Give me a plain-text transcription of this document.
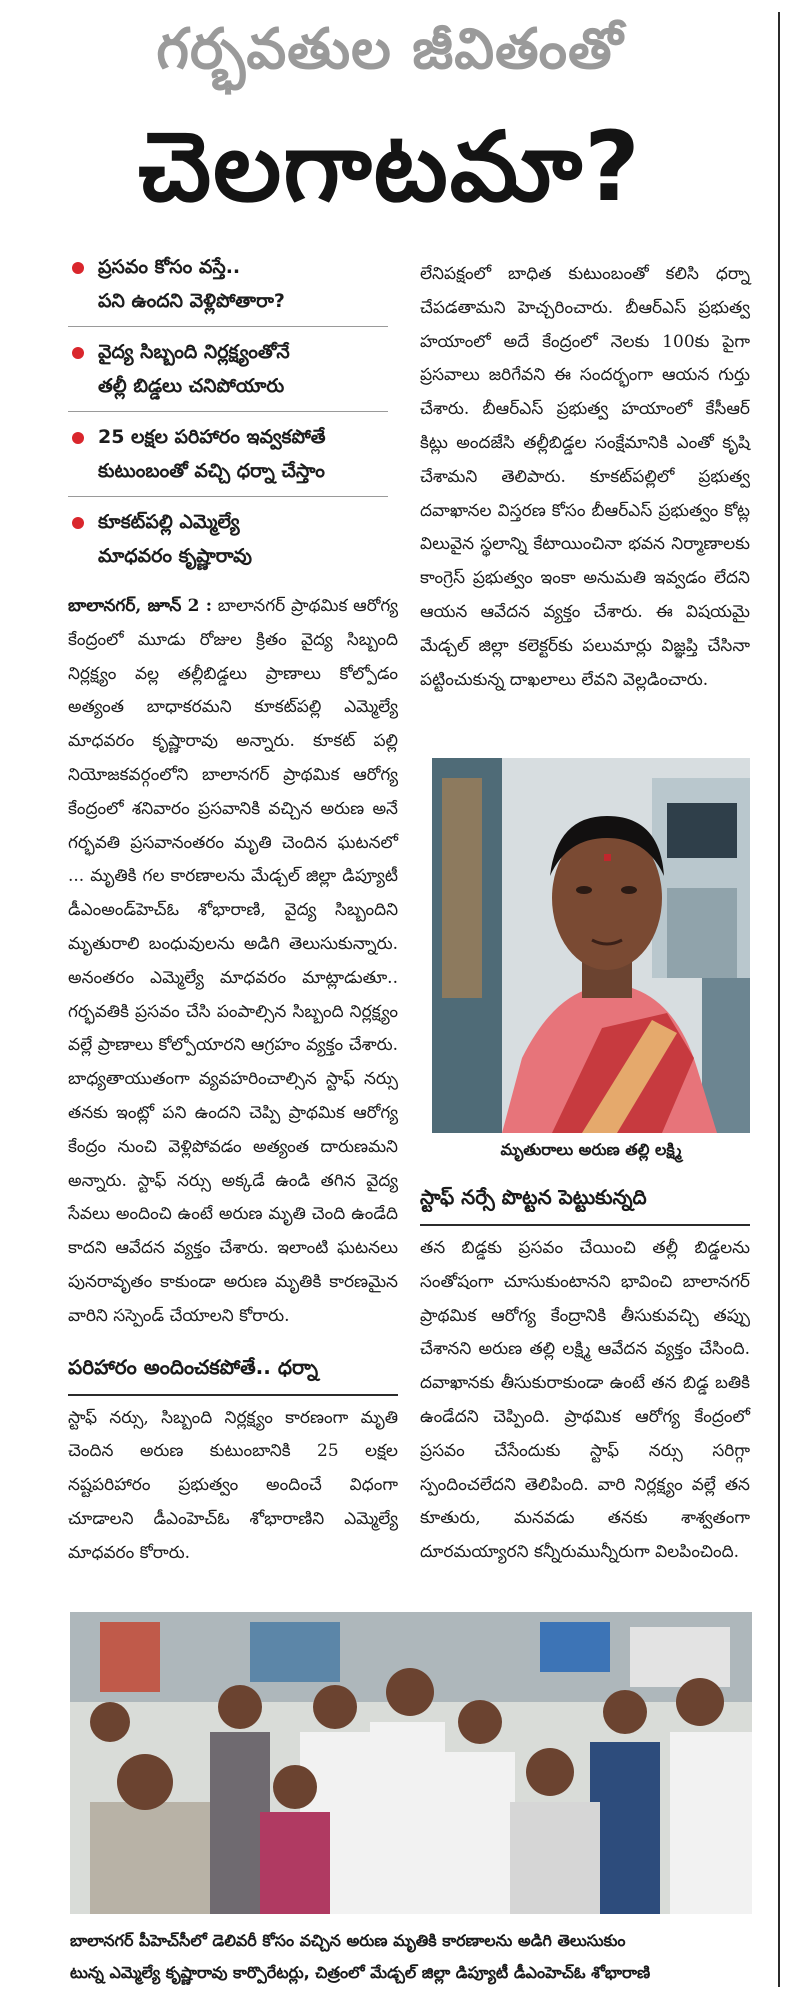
గర్భవతుల జీవితంతో
చెలగాటమా?
ప్రసవం కోసం వస్తే..
పని ఉందని వెళ్లిపోతారా?
వైద్య సిబ్బంది నిర్లక్ష్యంతోనే
తల్లీ బిడ్డలు చనిపోయారు
25 లక్షల పరిహారం ఇవ్వకపోతే
కుటుంబంతో వచ్చి ధర్నా చేస్తాం
కూకట్‌పల్లి ఎమ్మెల్యే
మాధవరం కృష్ణారావు

బాలానగర్, జూన్ 2 : బాలానగర్ ప్రాథమిక ఆరోగ్య కేంద్రంలో మూడు రోజుల క్రితం వైద్య సిబ్బంది నిర్లక్ష్యం వల్ల తల్లీబిడ్డలు ప్రాణాలు కోల్పోడం అత్యంత బాధాకరమని కూకట్‌పల్లి ఎమ్మెల్యే మాధవరం కృష్ణారావు అన్నారు. కూకట్ పల్లి నియోజకవర్గంలోని బాలానగర్ ప్రాథమిక ఆరోగ్య కేంద్రంలో శనివారం ప్రసవానికి వచ్చిన అరుణ అనే గర్భవతి ప్రసవానంతరం మృతి చెందిన ఘటనలో ... మృతికి గల కారణాలను మేడ్చల్ జిల్లా డిప్యూటీ డీఎంఅండ్‌హెచ్‌ఓ శోభారాణి, వైద్య సిబ్బందిని మృతురాలి బంధువులను అడిగి తెలుసుకున్నారు. అనంతరం ఎమ్మెల్యే మాధవరం మాట్లాడుతూ.. గర్భవతికి ప్రసవం చేసి పంపాల్సిన సిబ్బంది నిర్లక్ష్యం వల్లే ప్రాణాలు కోల్పోయారని ఆగ్రహం వ్యక్తం చేశారు. బాధ్యతాయుతంగా వ్యవహరించాల్సిన స్టాఫ్ నర్సు తనకు ఇంట్లో పని ఉందని చెప్పి ప్రాథమిక ఆరోగ్య కేంద్రం నుంచి వెళ్లిపోవడం అత్యంత దారుణమని అన్నారు. స్టాఫ్ నర్సు అక్కడే ఉండి తగిన వైద్య సేవలు అందించి ఉంటే అరుణ మృతి చెంది ఉండేది కాదని ఆవేదన వ్యక్తం చేశారు. ఇలాంటి ఘటనలు పునరావృతం కాకుండా అరుణ మృతికి కారణమైన వారిని సస్పెండ్ చేయాలని కోరారు.

పరిహారం అందించకపోతే.. ధర్నా

స్టాఫ్ నర్సు, సిబ్బంది నిర్లక్ష్యం కారణంగా మృతి చెందిన అరుణ కుటుంబానికి 25 లక్షల నష్టపరిహారం ప్రభుత్వం అందించే విధంగా చూడాలని డీఎంహెచ్‌ఓ శోభారాణిని ఎమ్మెల్యే మాధవరం కోరారు.

లేనిపక్షంలో బాధిత కుటుంబంతో కలిసి ధర్నా చేపడతామని హెచ్చరించారు. బీఆర్‌ఎస్ ప్రభుత్వ హయాంలో అదే కేంద్రంలో నెలకు 100కు పైగా ప్రసవాలు జరిగేవని ఈ సందర్భంగా ఆయన గుర్తు చేశారు. బీఆర్‌ఎస్ ప్రభుత్వ హయాంలో కేసీఆర్ కిట్లు అందజేసి తల్లీబిడ్డల సంక్షేమానికి ఎంతో కృషి చేశామని తెలిపారు. కూకట్‌పల్లిలో ప్రభుత్వ దవాఖానల విస్తరణ కోసం బీఆర్‌ఎస్ ప్రభుత్వం కోట్ల విలువైన స్థలాన్ని కేటాయించినా భవన నిర్మాణాలకు కాంగ్రెస్ ప్రభుత్వం ఇంకా అనుమతి ఇవ్వడం లేదని ఆయన ఆవేదన వ్యక్తం చేశారు. ఈ విషయమై మేడ్చల్ జిల్లా కలెక్టర్‌కు పలుమార్లు విజ్ఞప్తి చేసినా పట్టించుకున్న దాఖలాలు లేవని వెల్లడించారు.

మృతురాలు అరుణ తల్లి లక్ష్మి
స్టాఫ్ నర్సే పొట్టన పెట్టుకున్నది

తన బిడ్డకు ప్రసవం చేయించి తల్లీ బిడ్డలను సంతోషంగా చూసుకుంటానని భావించి బాలానగర్ ప్రాథమిక ఆరోగ్య కేంద్రానికి తీసుకువచ్చి తప్పు చేశానని అరుణ తల్లి లక్ష్మి ఆవేదన వ్యక్తం చేసింది. దవాఖానకు తీసుకురాకుండా ఉంటే తన బిడ్డ బతికి ఉండేదని చెప్పింది. ప్రాథమిక ఆరోగ్య కేంద్రంలో ప్రసవం చేసేందుకు స్టాఫ్ నర్సు సరిగ్గా స్పందించలేదని తెలిపింది. వారి నిర్లక్ష్యం వల్లే తన కూతురు, మనవడు తనకు శాశ్వతంగా దూరమయ్యారని కన్నీరుమున్నీరుగా విలపించింది.

బాలానగర్ పీహెచ్‌సీలో డెలివరీ కోసం వచ్చిన అరుణ మృతికి కారణాలను అడిగి తెలుసుకుం
టున్న ఎమ్మెల్యే కృష్ణారావు కార్పొరేటర్లు, చిత్రంలో మేడ్చల్ జిల్లా డిప్యూటీ డీఎంహెచ్‌ఓ శోభారాణి
